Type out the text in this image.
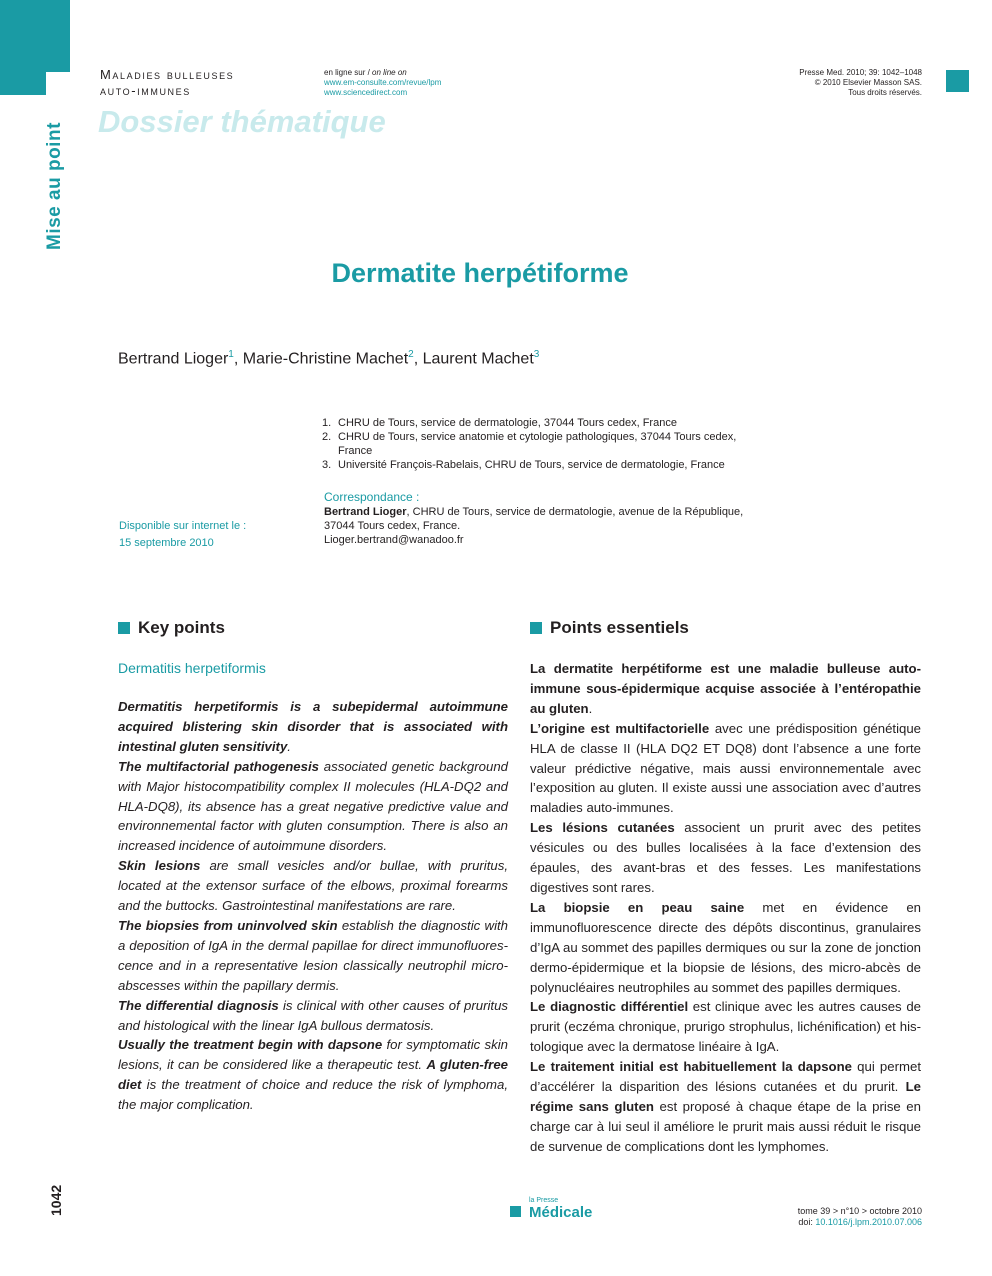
Mise au point
Maladies bulleuses
auto-immunes
Dossier thématique
en ligne sur / on line on
www.em-consulte.com/revue/lpm
www.sciencedirect.com
Presse Med. 2010; 39: 1042–1048
© 2010 Elsevier Masson SAS.
Tous droits réservés.
Dermatite herpétiforme
Bertrand Lioger$^1$, Marie-Christine Machet$^2$, Laurent Machet$^3$
1. CHRU de Tours, service de dermatologie, 37044 Tours cedex, France
2. CHRU de Tours, service anatomie et cytologie pathologiques, 37044 Tours cedex, France
3. Université François-Rabelais, CHRU de Tours, service de dermatologie, France
Correspondance :
Bertrand Lioger, CHRU de Tours, service de dermatologie, avenue de la République, 37044 Tours cedex, France.
Lioger.bertrand@wanadoo.fr
Disponible sur internet le :
15 septembre 2010
Key points	Points essentiels
Dermatitis herpetiformis

Dermatitis herpetiformis is a subepidermal autoimmune acquired blistering skin disorder that is associated with intestinal gluten sensitivity.

The multifactorial pathogenesis associated genetic background with Major histocompatibility complex II molecules (HLA-DQ2 and HLA-DQ8), its absence has a great negative predictive value and environnemental factor with gluten consumption. There is also an increased incidence of autoimmune disorders.

Skin lesions are small vesicles and/or bullae, with pruritus, located at the extensor surface of the elbows, proximal forearms and the buttocks. Gastrointestinal manifestations are rare.

The biopsies from uninvolved skin establish the diagnostic with a deposition of IgA in the dermal papillae for direct immunofluores-cence and in a representative lesion classically neutrophil micro-abscesses within the papillary dermis.

The differential diagnosis is clinical with other causes of pruritus and histological with the linear IgA bullous dermatosis.

Usually the treatment begin with dapsone for symptomatic skin lesions, it can be considered like a therapeutic test. A gluten-free diet is the treatment of choice and reduce the risk of lymphoma, the major complication.

La dermatite herpétiforme est une maladie bulleuse auto-immune sous-épidermique acquise associée à l’entéropathie au gluten.

L’origine est multifactorielle avec une prédisposition génétique HLA de classe II (HLA DQ2 ET DQ8) dont l’absence a une forte valeur prédictive négative, mais aussi environnementale avec l’exposition au gluten. Il existe aussi une association avec d’autres maladies auto-immunes.

Les lésions cutanées associent un prurit avec des petites vésicules ou des bulles localisées à la face d’extension des épaules, des avant-bras et des fesses. Les manifestations digestives sont rares.

La biopsie en peau saine met en évidence en immunofluorescence directe des dépôts discontinus, granulaires d’IgA au sommet des papilles dermiques ou sur la zone de jonction dermo-épidermique et la biopsie de lésions, des micro-abcès de polynucléaires neutrophiles au sommet des papilles dermiques.

Le diagnostic différentiel est clinique avec les autres causes de prurit (eczéma chronique, prurigo strophulus, lichénification) et his-tologique avec la dermatose linéaire à IgA.

Le traitement initial est habituellement la dapsone qui permet d’accélérer la disparition des lésions cutanées et du prurit. Le régime sans gluten est proposé à chaque étape de la prise en charge car à lui seul il améliore le prurit mais aussi réduit le risque de survenue de complications dont les lymphomes.

1042	la Presse
Médicale	tome 39 > n°10 > octobre 2010
doi: 10.1016/j.lpm.2010.07.006
